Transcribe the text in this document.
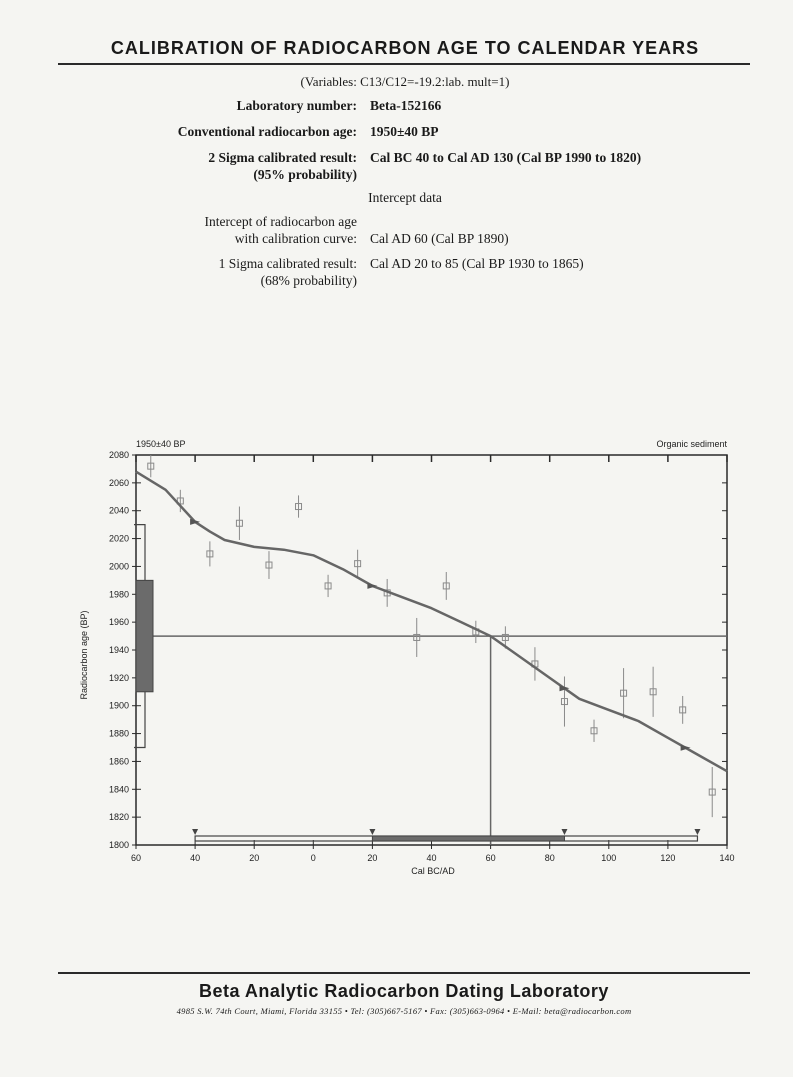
CALIBRATION OF RADIOCARBON AGE TO CALENDAR YEARS
(Variables: C13/C12=-19.2:lab. mult=1)
Laboratory number: Beta-152166
Conventional radiocarbon age: 1950±40 BP
2 Sigma calibrated result: Cal BC 40 to Cal AD 130 (Cal BP 1990 to 1820)
(95% probability)
Intercept data
Intercept of radiocarbon age
with calibration curve: Cal AD 60 (Cal BP 1890)
1 Sigma calibrated result: Cal AD 20 to 85 (Cal BP 1930 to 1865)
(68% probability)
1800
1820
1840
1860
1880
1900
1920
1940
1960
1980
2000
2020
2040
2060
2080
60	40	20	0	20	40	60	80	100	120	140
1950±40 BP	Organic sediment
Cal BC/AD
Radiocarbon age (BP)
Beta Analytic Radiocarbon Dating Laboratory
4985 S.W. 74th Court, Miami, Florida 33155 • Tel: (305)667-5167 • Fax: (305)663-0964 • E-Mail: beta@radiocarbon.com
